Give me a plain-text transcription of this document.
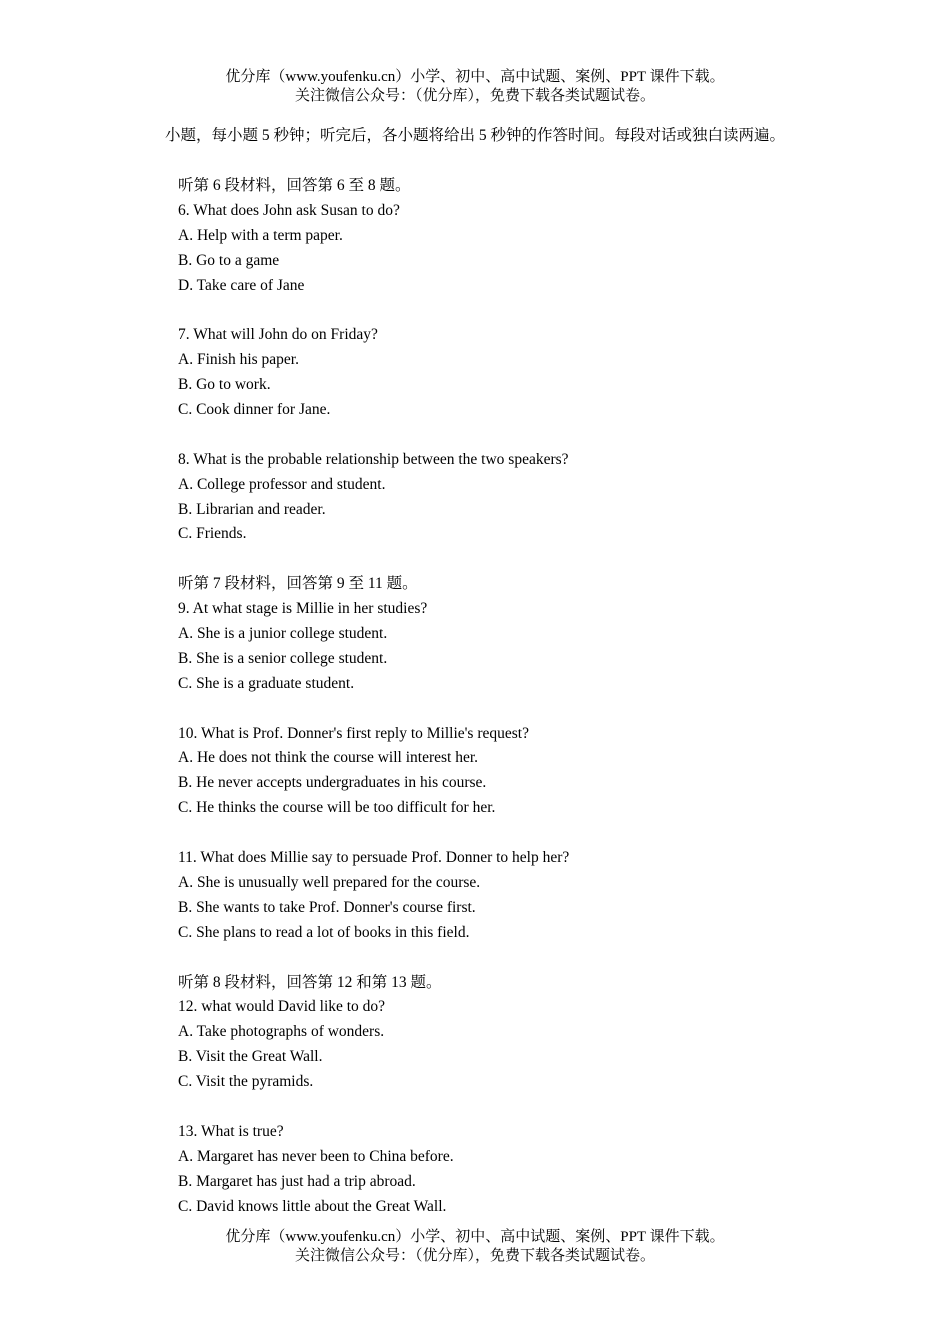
优分库（www.youfenku.cn）小学、初中、高中试题、案例、PPT 课件下载。
关注微信公众号：（优分库），免费下载各类试题试卷。
小题，每小题 5 秒钟；听完后，各小题将给出 5 秒钟的作答时间。每段对话或独白读两遍。
听第 6 段材料，回答第 6 至 8 题。
6. What does John ask Susan to do?
A. Help with a term paper.
B. Go to a game
D. Take care of Jane
7. What will John do on Friday?
A. Finish his paper.
B. Go to work.
C. Cook dinner for Jane.
8. What is the probable relationship between the two speakers?
A. College professor and student.
B. Librarian and reader.
C. Friends.
听第 7 段材料，回答第 9 至 11 题。
9. At what stage is Millie in her studies?
A. She is a junior college student.
B. She is a senior college student.
C. She is a graduate student.
10. What is Prof. Donner's first reply to Millie's request?
A. He does not think the course will interest her.
B. He never accepts undergraduates in his course.
C. He thinks the course will be too difficult for her.
11. What does Millie say to persuade Prof. Donner to help her?
A. She is unusually well prepared for the course.
B. She wants to take Prof. Donner's course first.
C. She plans to read a lot of books in this field.
听第 8 段材料，回答第 12 和第 13 题。
12. what would David like to do?
A. Take photographs of wonders.
B. Visit the Great Wall.
C. Visit the pyramids.
13. What is true?
A. Margaret has never been to China before.
B. Margaret has just had a trip abroad.
C. David knows little about the Great Wall.
优分库（www.youfenku.cn）小学、初中、高中试题、案例、PPT 课件下载。
关注微信公众号：（优分库），免费下载各类试题试卷。
